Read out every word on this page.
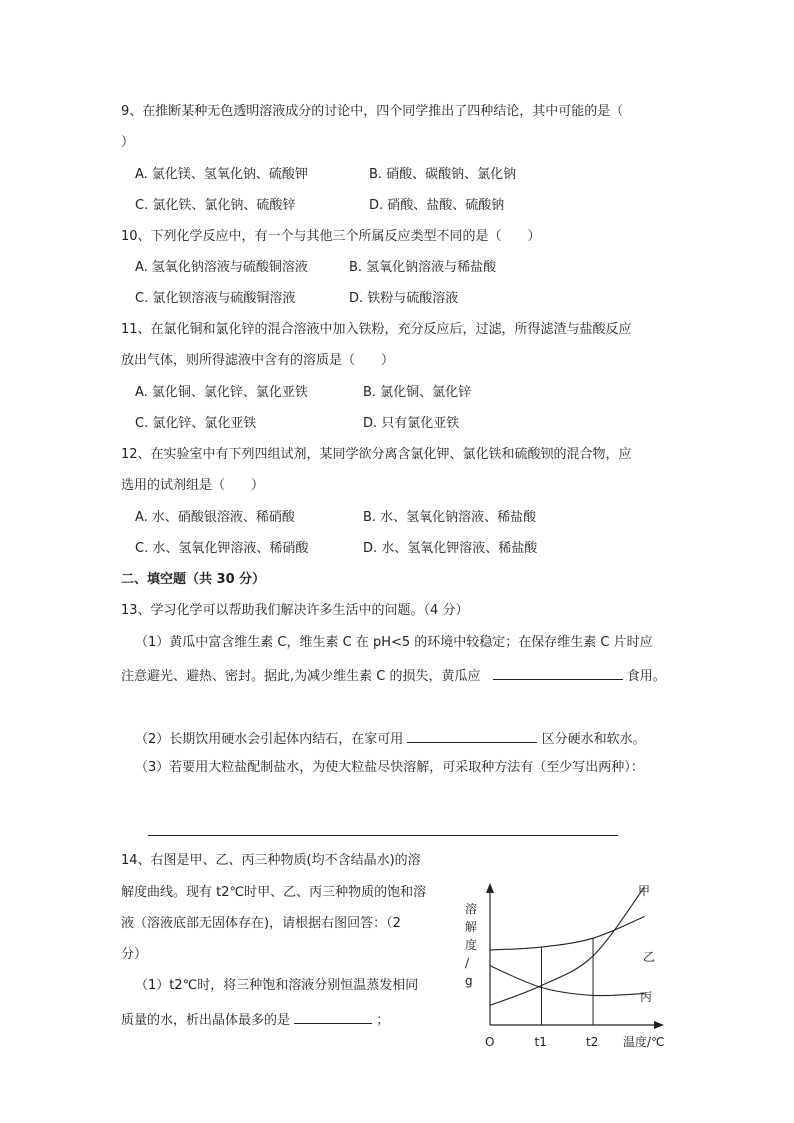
9、在推断某种无色透明溶液成分的讨论中，四个同学推出了四种结论，其中可能的是（
）
A. 氯化镁、氢氧化钠、硫酸钾	B. 硝酸、碳酸钠、氯化钠
C. 氯化铁、氯化钠、硫酸锌	D. 硝酸、盐酸、硫酸钠
10、下列化学反应中，有一个与其他三个所属反应类型不同的是（　　）
A. 氢氧化钠溶液与硫酸铜溶液	B. 氢氧化钠溶液与稀盐酸
C. 氯化钡溶液与硫酸铜溶液	D. 铁粉与硫酸溶液
11、在氯化铜和氯化锌的混合溶液中加入铁粉，充分反应后，过滤，所得滤渣与盐酸反应
放出气体，则所得滤液中含有的溶质是（　　）
A. 氯化铜、氯化锌、氯化亚铁	B. 氯化铜、氯化锌
C. 氯化锌、氯化亚铁	D. 只有氯化亚铁
12、在实验室中有下列四组试剂，某同学欲分离含氯化钾、氯化铁和硫酸钡的混合物，应
选用的试剂组是（　　）
A. 水、硝酸银溶液、稀硝酸	B. 水、氢氧化钠溶液、稀盐酸
C. 水、氢氧化钾溶液、稀硝酸	D. 水、氢氧化钾溶液、稀盐酸
二、填空题（共 30 分）
13、学习化学可以帮助我们解决许多生活中的问题。（4 分）
（1）黄瓜中富含维生素 C，维生素 C 在 pH<5 的环境中较稳定；在保存维生素 C 片时应
注意避光、避热、密封。据此,为减少维生素 C 的损失，黄瓜应	食用。
（2）长期饮用硬水会引起体内结石，在家可用	区分硬水和软水。
（3）若要用大粒盐配制盐水，为使大粒盐尽快溶解，可采取种方法有（至少写出两种）：
14、右图是甲、乙、丙三种物质(均不含结晶水)的溶
解度曲线。现有 t2℃时甲、乙、丙三种物质的饱和溶
液（溶液底部无固体存在)，请根据右图回答：（2
分）
（1）t2℃时，将三种饱和溶液分别恒温蒸发相同
质量的水，析出晶体最多的是	；
溶
解
度
/
g
O	温度/℃
t1	t2
甲
乙
丙
